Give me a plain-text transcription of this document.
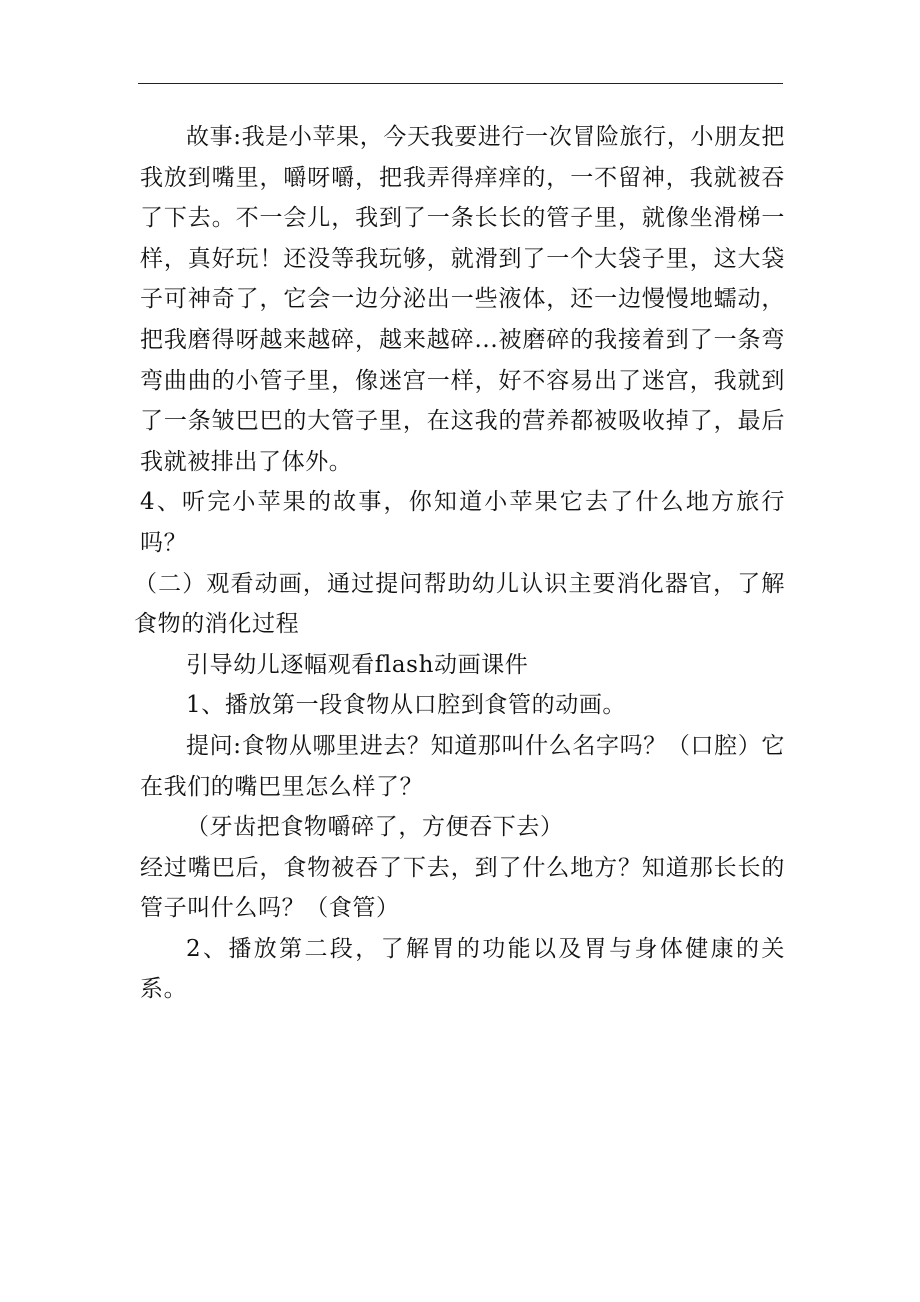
故事:我是小苹果，今天我要进行一次冒险旅行，小朋友把我放到嘴里，嚼呀嚼，把我弄得痒痒的，一不留神，我就被吞了下去。不一会儿，我到了一条长长的管子里，就像坐滑梯一样，真好玩！还没等我玩够，就滑到了一个大袋子里，这大袋子可神奇了，它会一边分泌出一些液体，还一边慢慢地蠕动，把我磨得呀越来越碎，越来越碎...被磨碎的我接着到了一条弯弯曲曲的小管子里，像迷宫一样，好不容易出了迷宫，我就到了一条皱巴巴的大管子里，在这我的营养都被吸收掉了，最后我就被排出了体外。

4、听完小苹果的故事，你知道小苹果它去了什么地方旅行吗？

（二）观看动画，通过提问帮助幼儿认识主要消化器官，了解食物的消化过程

引导幼儿逐幅观看flash动画课件

1、播放第一段食物从口腔到食管的动画。

提问:食物从哪里进去？知道那叫什么名字吗？（口腔）它在我们的嘴巴里怎么样了？

（牙齿把食物嚼碎了，方便吞下去）

经过嘴巴后，食物被吞了下去，到了什么地方？知道那长长的管子叫什么吗？（食管）

2、播放第二段，了解胃的功能以及胃与身体健康的关系。
